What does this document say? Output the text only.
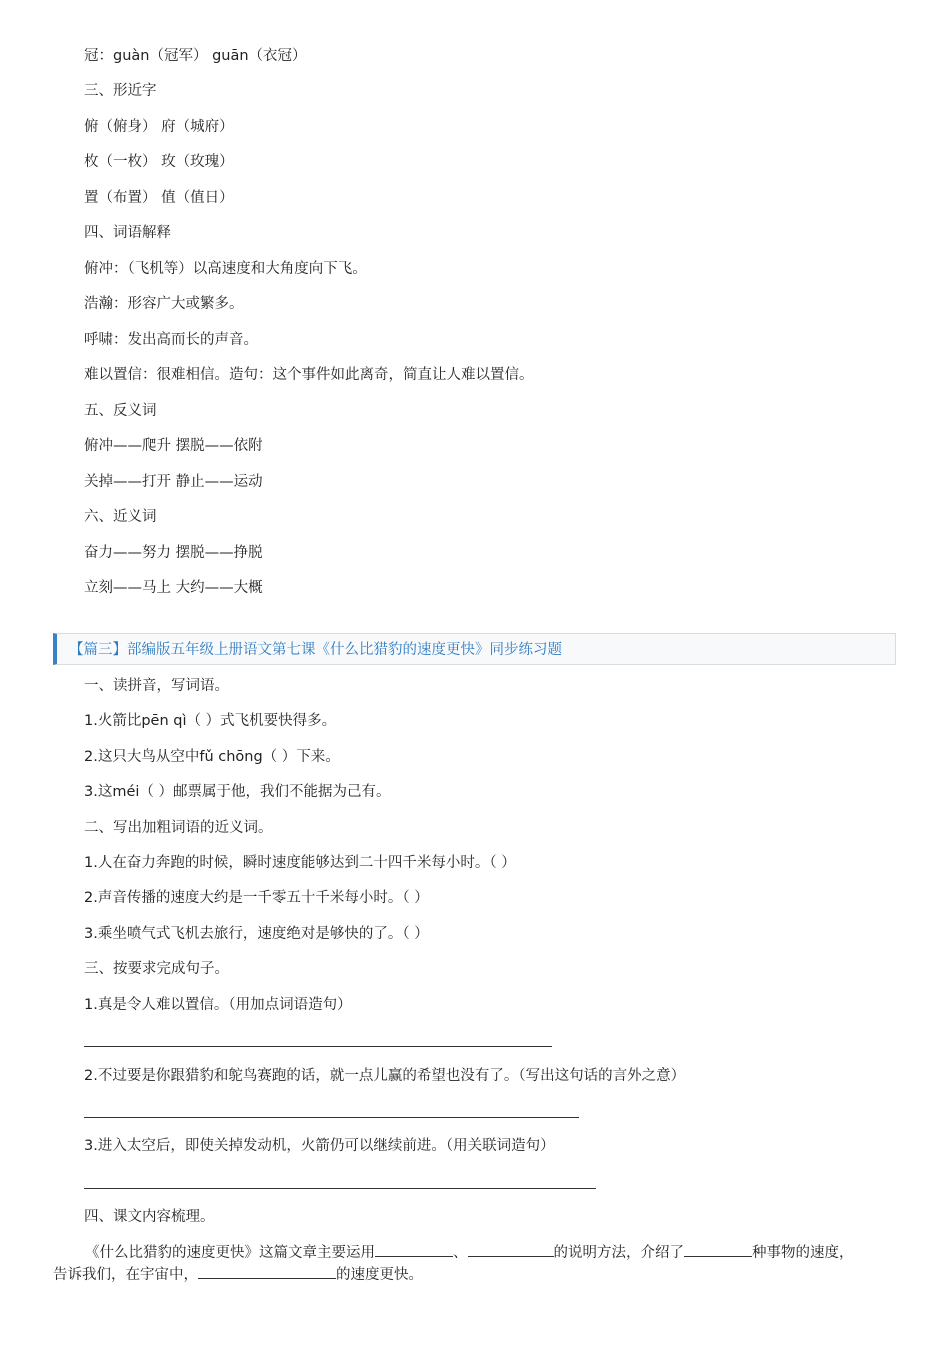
冠：guàn（冠军） guān（衣冠）
三、形近字
俯（俯身） 府（城府）
枚（一枚） 玫（玫瑰）
置（布置） 值（值日）
四、词语解释
俯冲：（飞机等）以高速度和大角度向下飞。
浩瀚：形容广大或繁多。
呼啸：发出高而长的声音。
难以置信：很难相信。造句：这个事件如此离奇，简直让人难以置信。
五、反义词
俯冲——爬升 摆脱——依附
关掉——打开 静止——运动
六、近义词
奋力——努力 摆脱——挣脱
立刻——马上 大约——大概
【篇三】部编版五年级上册语文第七课《什么比猎豹的速度更快》同步练习题
一、读拼音，写词语。
1.火箭比pēn qì（ ）式飞机要快得多。
2.这只大鸟从空中fǔ chōng（ ）下来。
3.这méi（ ）邮票属于他，我们不能据为己有。
二、写出加粗词语的近义词。
1.人在奋力奔跑的时候，瞬时速度能够达到二十四千米每小时。（ ）
2.声音传播的速度大约是一千零五十千米每小时。（ ）
3.乘坐喷气式飞机去旅行，速度绝对是够快的了。（ ）
三、按要求完成句子。
1.真是令人难以置信。（用加点词语造句）
2.不过要是你跟猎豹和鸵鸟赛跑的话，就一点儿赢的希望也没有了。（写出这句话的言外之意）
3.进入太空后，即使关掉发动机，火箭仍可以继续前进。（用关联词造句）
四、课文内容梳理。
《什么比猎豹的速度更快》这篇文章主要运用	、	的说明方法，介绍了	种事物的速度，
告诉我们，在宇宙中，	的速度更快。
